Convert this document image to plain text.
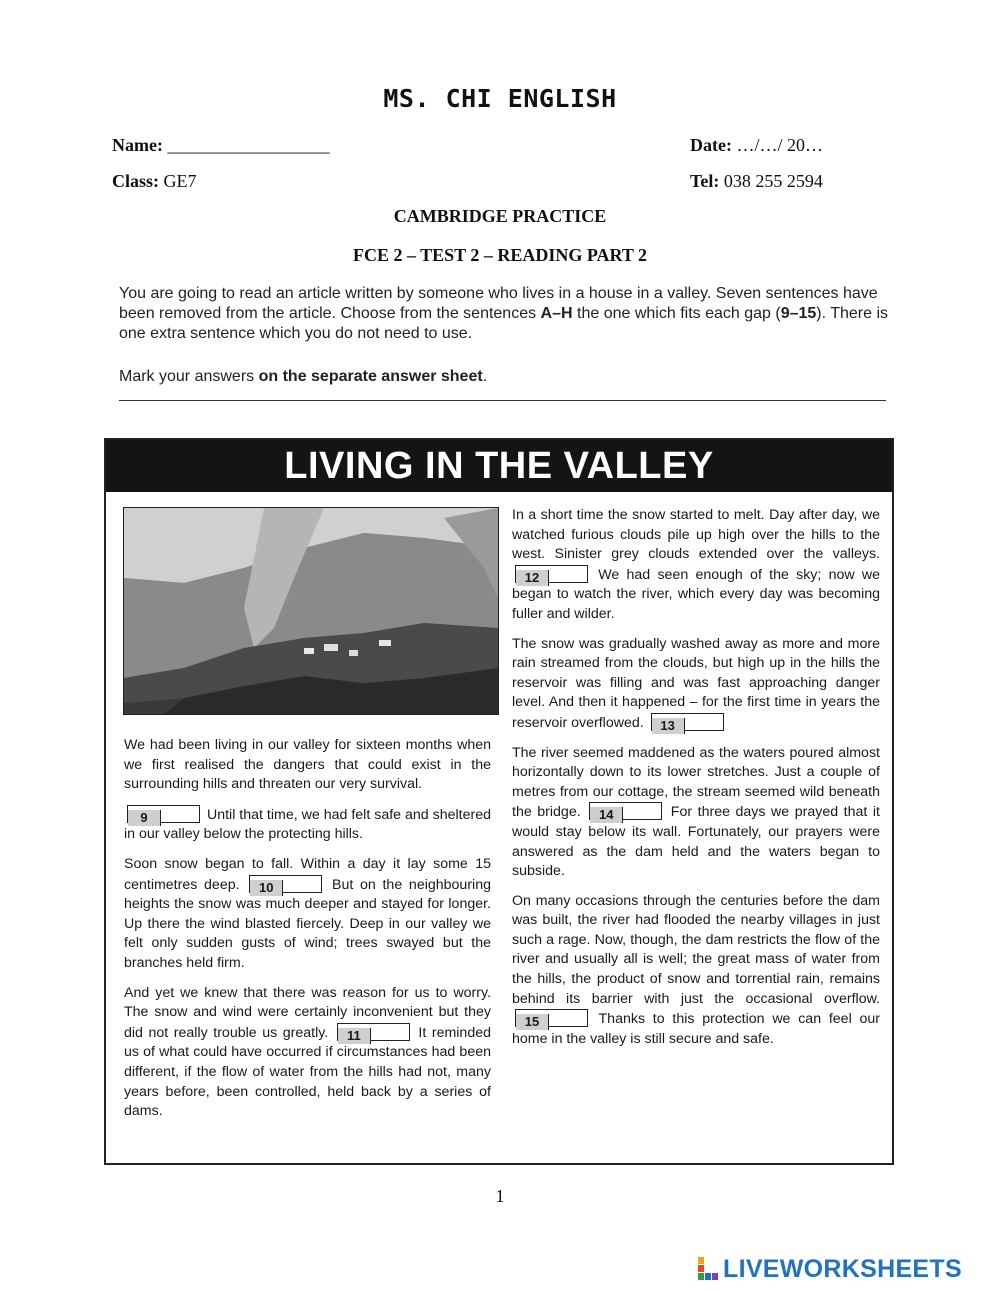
MS. CHI ENGLISH
Name: __________________	Date: …/…/ 20…
Class: GE7	Tel: 038 255 2594
CAMBRIDGE PRACTICE
FCE 2 – TEST 2 – READING PART 2
You are going to read an article written by someone who lives in a house in a valley. Seven sentences have been removed from the article. Choose from the sentences A–H the one which fits each gap (9–15). There is one extra sentence which you do not need to use.
Mark your answers on the separate answer sheet.
LIVING IN THE VALLEY

We had been living in our valley for sixteen months when we first realised the dangers that could exist in the surrounding hills and threaten our very survival.

9	Until that time, we had felt safe and sheltered in our valley below the protecting hills.

Soon snow began to fall. Within a day it lay some 15 centimetres deep. 10	But on the neighbouring heights the snow was much deeper and stayed for longer. Up there the wind blasted fiercely. Deep in our valley we felt only sudden gusts of wind; trees swayed but the branches held firm.

And yet we knew that there was reason for us to worry. The snow and wind were certainly inconvenient but they did not really trouble us greatly. 11	It reminded us of what could have occurred if circumstances had been different, if the flow of water from the hills had not, many years before, been controlled, held back by a series of dams.

In a short time the snow started to melt. Day after day, we watched furious clouds pile up high over the hills to the west. Sinister grey clouds extended over the valleys. 12	We had seen enough of the sky; now we began to watch the river, which every day was becoming fuller and wilder.

The snow was gradually washed away as more and more rain streamed from the clouds, but high up in the hills the reservoir was filling and was fast approaching danger level. And then it happened – for the first time in years the reservoir overflowed. 13

The river seemed maddened as the waters poured almost horizontally down to its lower stretches. Just a couple of metres from our cottage, the stream seemed wild beneath the bridge. 14	For three days we prayed that it would stay below its wall. Fortunately, our prayers were answered as the dam held and the waters began to subside.

On many occasions through the centuries before the dam was built, the river had flooded the nearby villages in just such a rage. Now, though, the dam restricts the flow of the river and usually all is well; the great mass of water from the hills, the product of snow and torrential rain, remains behind its barrier with just the occasional overflow. 15	Thanks to this protection we can feel our home in the valley is still secure and safe.

1
LIVEWORKSHEETS
